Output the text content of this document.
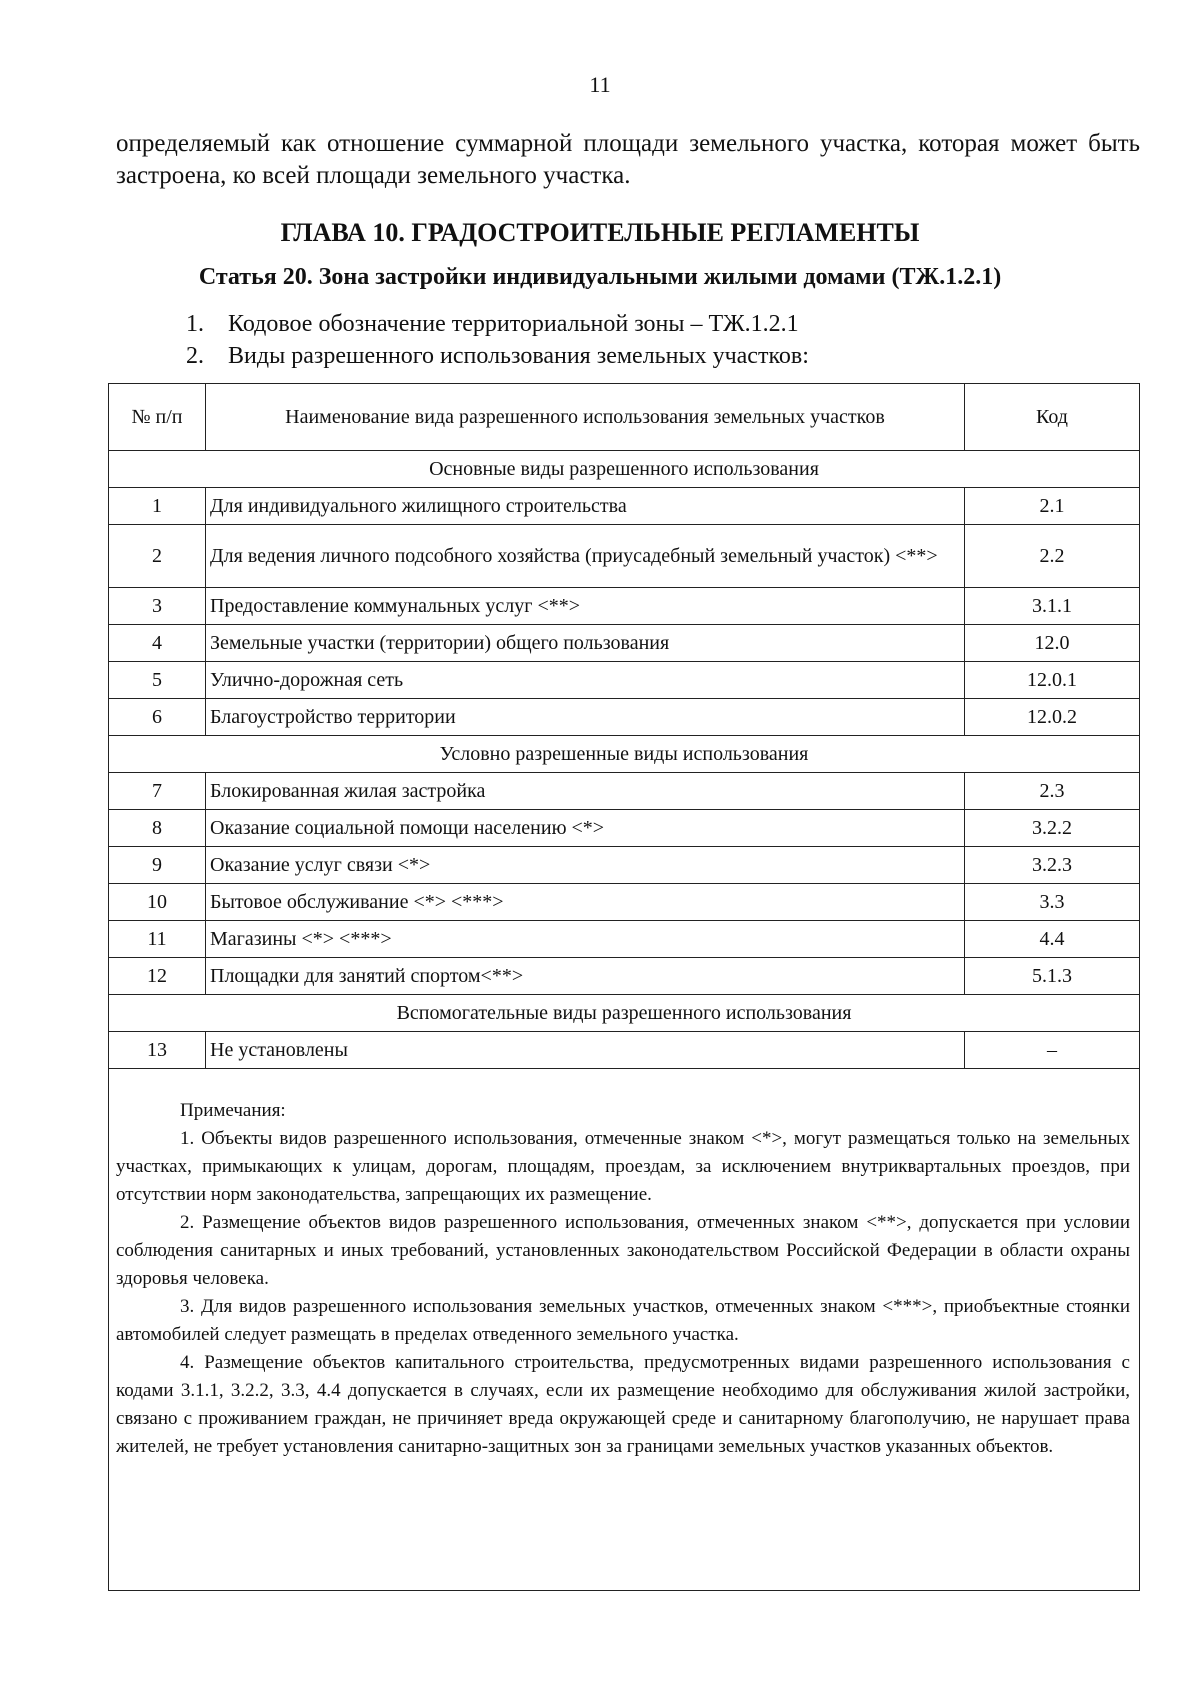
11
определяемый как отношение суммарной площади земельного участка, которая может быть застроена, ко всей площади земельного участка.
ГЛАВА 10. ГРАДОСТРОИТЕЛЬНЫЕ РЕГЛАМЕНТЫ
Статья 20. Зона застройки индивидуальными жилыми домами (ТЖ.1.2.1)
1. Кодовое обозначение территориальной зоны – ТЖ.1.2.1
2. Виды разрешенного использования земельных участков:
№ п/п	Наименование вида разрешенного использования земельных участков	Код
Основные виды разрешенного использования		
1	Для индивидуального жилищного строительства	2.1
2	Для ведения личного подсобного хозяйства (приусадебный земельный участок) <**>	2.2
3	Предоставление коммунальных услуг <**>	3.1.1
4	Земельные участки (территории) общего пользования	12.0
5	Улично-дорожная сеть	12.0.1
6	Благоустройство территории	12.0.2
Условно разрешенные виды использования		
7	Блокированная жилая застройка	2.3
8	Оказание социальной помощи населению <*>	3.2.2
9	Оказание услуг связи <*>	3.2.3
10	Бытовое обслуживание <*> <***>	3.3
11	Магазины <*> <***>	4.4
12	Площадки для занятий спортом<**>	5.1.3
Вспомогательные виды разрешенного использования		
13	Не установлены	–
Примечания:

1. Объекты видов разрешенного использования, отмеченные знаком <*>, могут размещаться только на земельных участках, примыкающих к улицам, дорогам, площадям, проездам, за исключением внутриквартальных проездов, при отсутствии норм законодательства, запрещающих их размещение.

2. Размещение объектов видов разрешенного использования, отмеченных знаком <**>, допускается при условии соблюдения санитарных и иных требований, установленных законодательством Российской Федерации в области охраны здоровья человека.

3. Для видов разрешенного использования земельных участков, отмеченных знаком <***>, приобъектные стоянки автомобилей следует размещать в пределах отведенного земельного участка.

4. Размещение объектов капитального строительства, предусмотренных видами разрешенного использования с кодами 3.1.1, 3.2.2, 3.3, 4.4 допускается в случаях, если их размещение необходимо для обслуживания жилой застройки, связано с проживанием граждан, не причиняет вреда окружающей среде и санитарному благополучию, не нарушает права жителей, не требует установления санитарно-защитных зон за границами земельных участков указанных объектов.
